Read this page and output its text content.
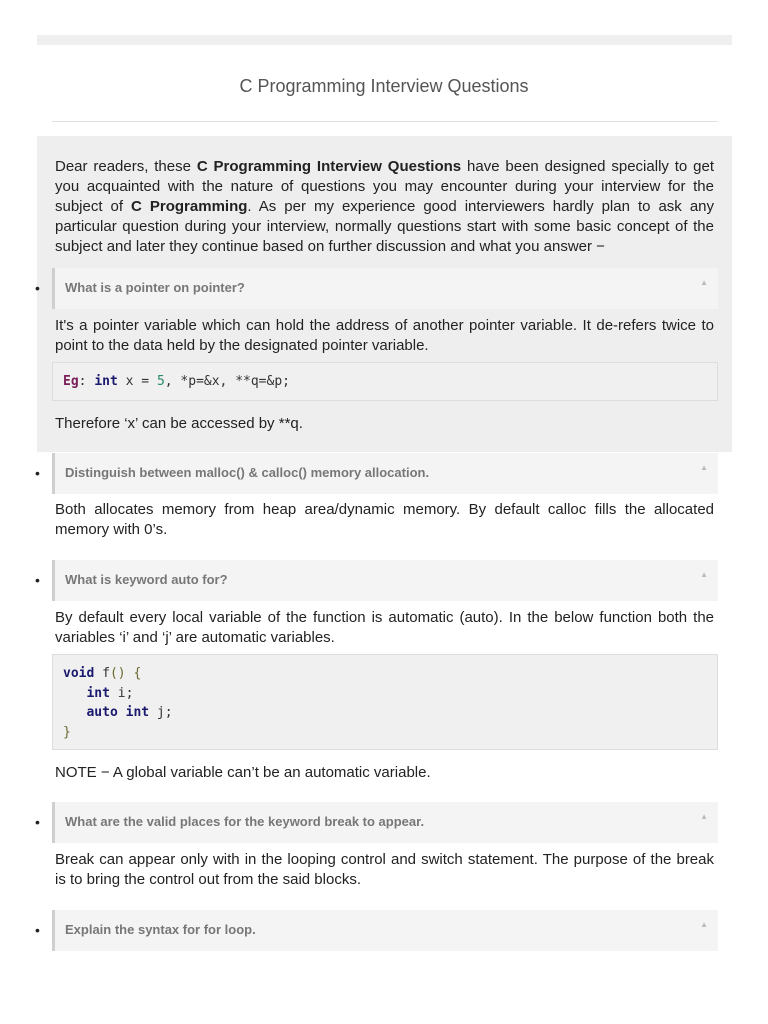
C Programming Interview Questions
Dear readers, these C Programming Interview Questions have been designed specially to get you acquainted with the nature of questions you may encounter during your interview for the subject of C Programming. As per my experience good interviewers hardly plan to ask any particular question during your interview, normally questions start with some basic concept of the subject and later they continue based on further discussion and what you answer −
• What is a pointer on pointer?	▲
It's a pointer variable which can hold the address of another pointer variable. It de-refers twice to point to the data held by the designated pointer variable.
Eg: int x = 5, *p=&x, **q=&p;
Therefore ‘x’ can be accessed by **q.
• Distinguish between malloc() & calloc() memory allocation.	▲
Both allocates memory from heap area/dynamic memory. By default calloc fills the allocated memory with 0’s.
• What is keyword auto for?	▲
By default every local variable of the function is automatic (auto). In the below function both the variables ‘i’ and ‘j’ are automatic variables.
void f() {
int i;
auto int j;
}
NOTE − A global variable can’t be an automatic variable.
• What are the valid places for the keyword break to appear.	▲
Break can appear only with in the looping control and switch statement. The purpose of the break is to bring the control out from the said blocks.
• Explain the syntax for for loop.	▲
